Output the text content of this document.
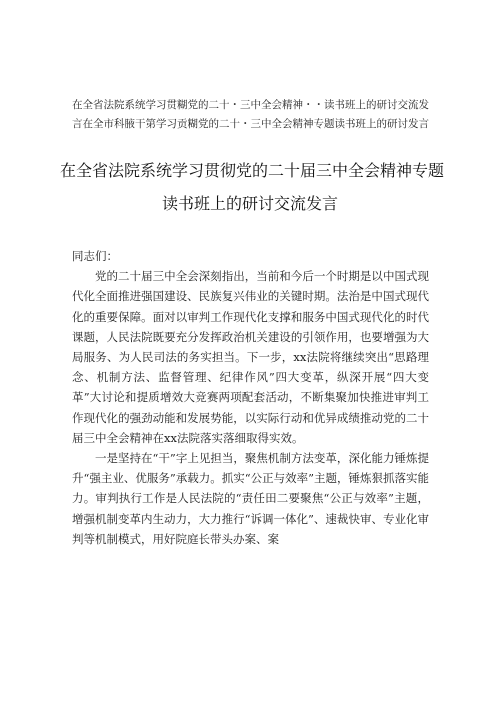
在全省法院系统学习贯糊党的二十・三中全会精神・・读书班上的研讨交流发言在全市科腋干第学习贡糊党的二十・三中全会精神专题读书班上的研讨发言
在全省法院系统学习贯彻党的二十届三中全会精神专题
读书班上的研讨交流发言

同志们：

党的二十届三中全会深刻指出，当前和今后一个时期是以中国式现代化全面推进强国建设、民族复兴伟业的关键时期。法治是中国式现代化的重要保障。面对以审判工作现代化支撑和服务中国式现代化的时代课题，人民法院既要充分发挥政治机关建设的引领作用，也要增强为大局服务、为人民司法的务实担当。下一步，xx法院将继续突出“思路理念、机制方法、监督管理、纪律作风”四大变革，纵深开展“四大变革”大讨论和提质增效大竞赛两项配套活动，不断集聚加快推进审判工作现代化的强劲动能和发展势能，以实际行动和优异成绩推动党的二十届三中全会精神在xx法院落实落细取得实效。

一是坚持在“干”字上见担当，聚焦机制方法变革，深化能力锤炼提升“强主业、优服务”承载力。抓实“公正与效率”主题，锤炼狠抓落实能力。审判执行工作是人民法院的“责任田二要聚焦“公正与效率”主题，增强机制变革内生动力，大力推行“诉调一体化”、速裁快审、专业化审判等机制模式，用好院庭长带头办案、案
